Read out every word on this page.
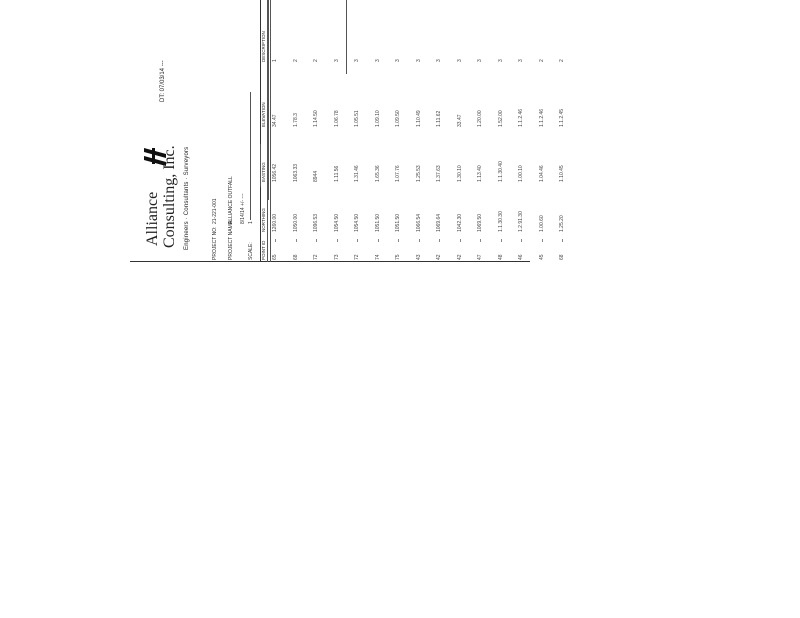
Alliance Consulting, Inc. Engineers · Consultants · Surveyors
DT: 07/03/14 ---
PROJECT NO:
21-221-001
PROJECT NAME:
ALLIANCE OUTFALL 8/14/14 +/- ---
SCALE:
1
POINT ID
NORTHING
EASTING
ELEVATION
DESCRIPTION
65
1260.00
1056.42
34.47
1
68
1050.00
1063.33
1.78.3
2
72
1096.53
8944
1.14.50
2
73
1054.50
1.11.56
1.06.78
3
72
1054.50
1.31.46
1.05.51
3
74
1051.50
1.65.36
1.09.10
3
75
1051.50
1.07.76
1.09.50
3
43
1066.54
1.25.53
1.10.49
3
42
1069.64
1.37.63
1.11.62
3
42
1042.30
1.30.10
33.47
3
47
1069.50
1.13.40
1.20.00
3
48
1.1.30.30
1.1.30.40
1.52.00
3
46
1.2.91.30
1.00.10
1.1.2.46
3
45
1.00.60
1.04.46
1.1.2.46
2
68
1.25.20
1.10.45
1.1.2.45
2
